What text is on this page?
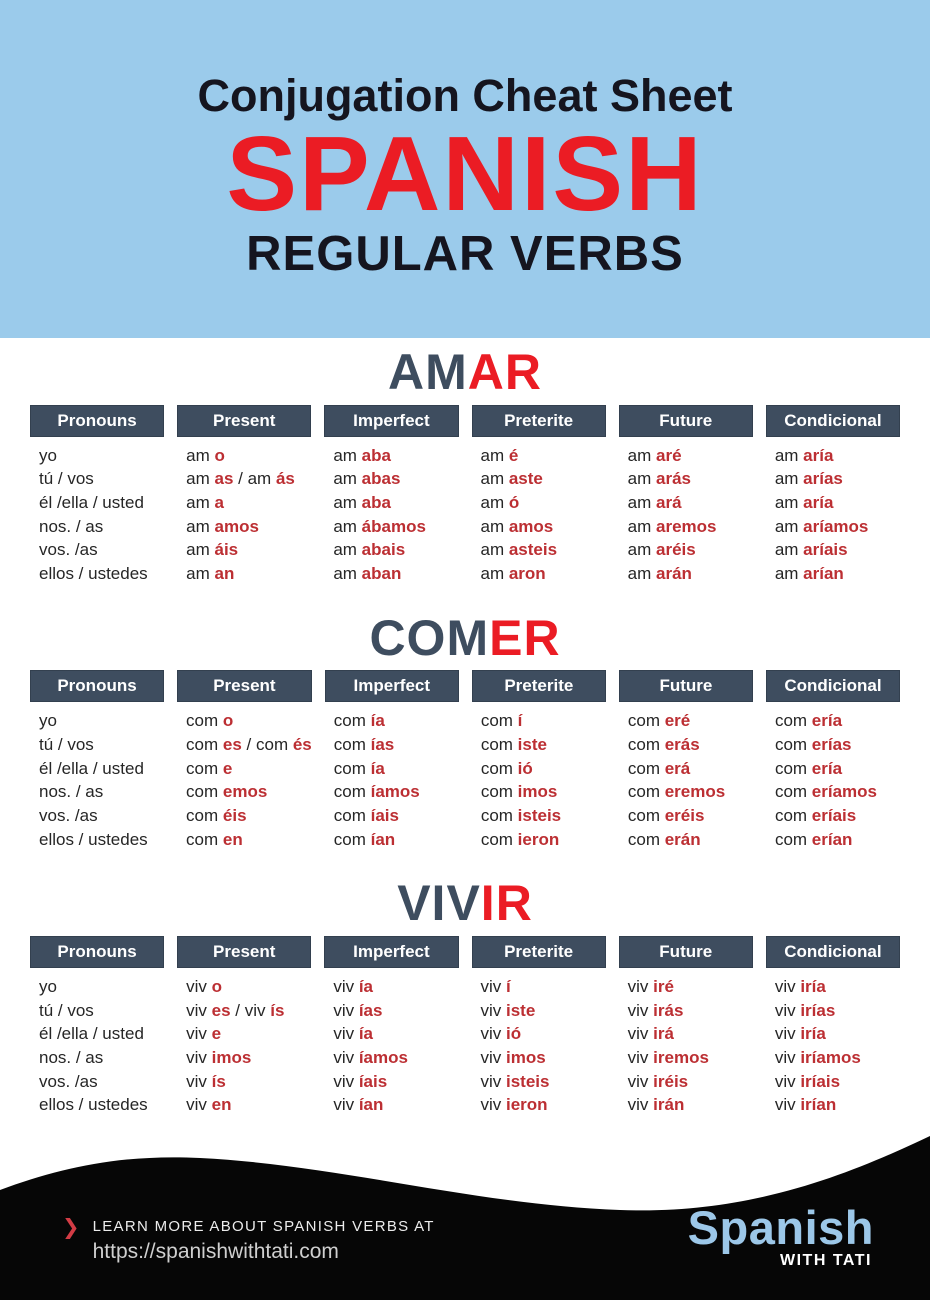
Conjugation Cheat Sheet
SPANISH
REGULAR VERBS
AMAR
Pronouns	Present	Imperfect	Preterite	Future	Condicional
yo	am o	am aba	am é	am aré	am aría
tú / vos	am as / am ás	am abas	am aste	am arás	am arías
él /ella / usted	am a	am aba	am ó	am ará	am aría
nos. / as	am amos	am ábamos	am amos	am aremos	am aríamos
vos. /as	am áis	am abais	am asteis	am aréis	am aríais
ellos / ustedes	am an	am aban	am aron	am arán	am arían
COMER
Pronouns	Present	Imperfect	Preterite	Future	Condicional
yo	com o	com ía	com í	com eré	com ería
tú / vos	com es / com és	com ías	com iste	com erás	com erías
él /ella / usted	com e	com ía	com ió	com erá	com ería
nos. / as	com emos	com íamos	com imos	com eremos	com eríamos
vos. /as	com éis	com íais	com isteis	com eréis	com eríais
ellos / ustedes	com en	com ían	com ieron	com erán	com erían
VIVIR
Pronouns	Present	Imperfect	Preterite	Future	Condicional
yo	viv o	viv ía	viv í	viv iré	viv iría
tú / vos	viv es / viv ís	viv ías	viv iste	viv irás	viv irías
él /ella / usted	viv e	viv ía	viv ió	viv irá	viv iría
nos. / as	viv imos	viv íamos	viv imos	viv iremos	viv iríamos
vos. /as	viv ís	viv íais	viv isteis	viv iréis	viv iríais
ellos / ustedes	viv en	viv ían	viv ieron	viv irán	viv irían
❯ LEARN MORE ABOUT SPANISH VERBS AT
https://spanishwithtati.com	Spanish
WITH TATI
